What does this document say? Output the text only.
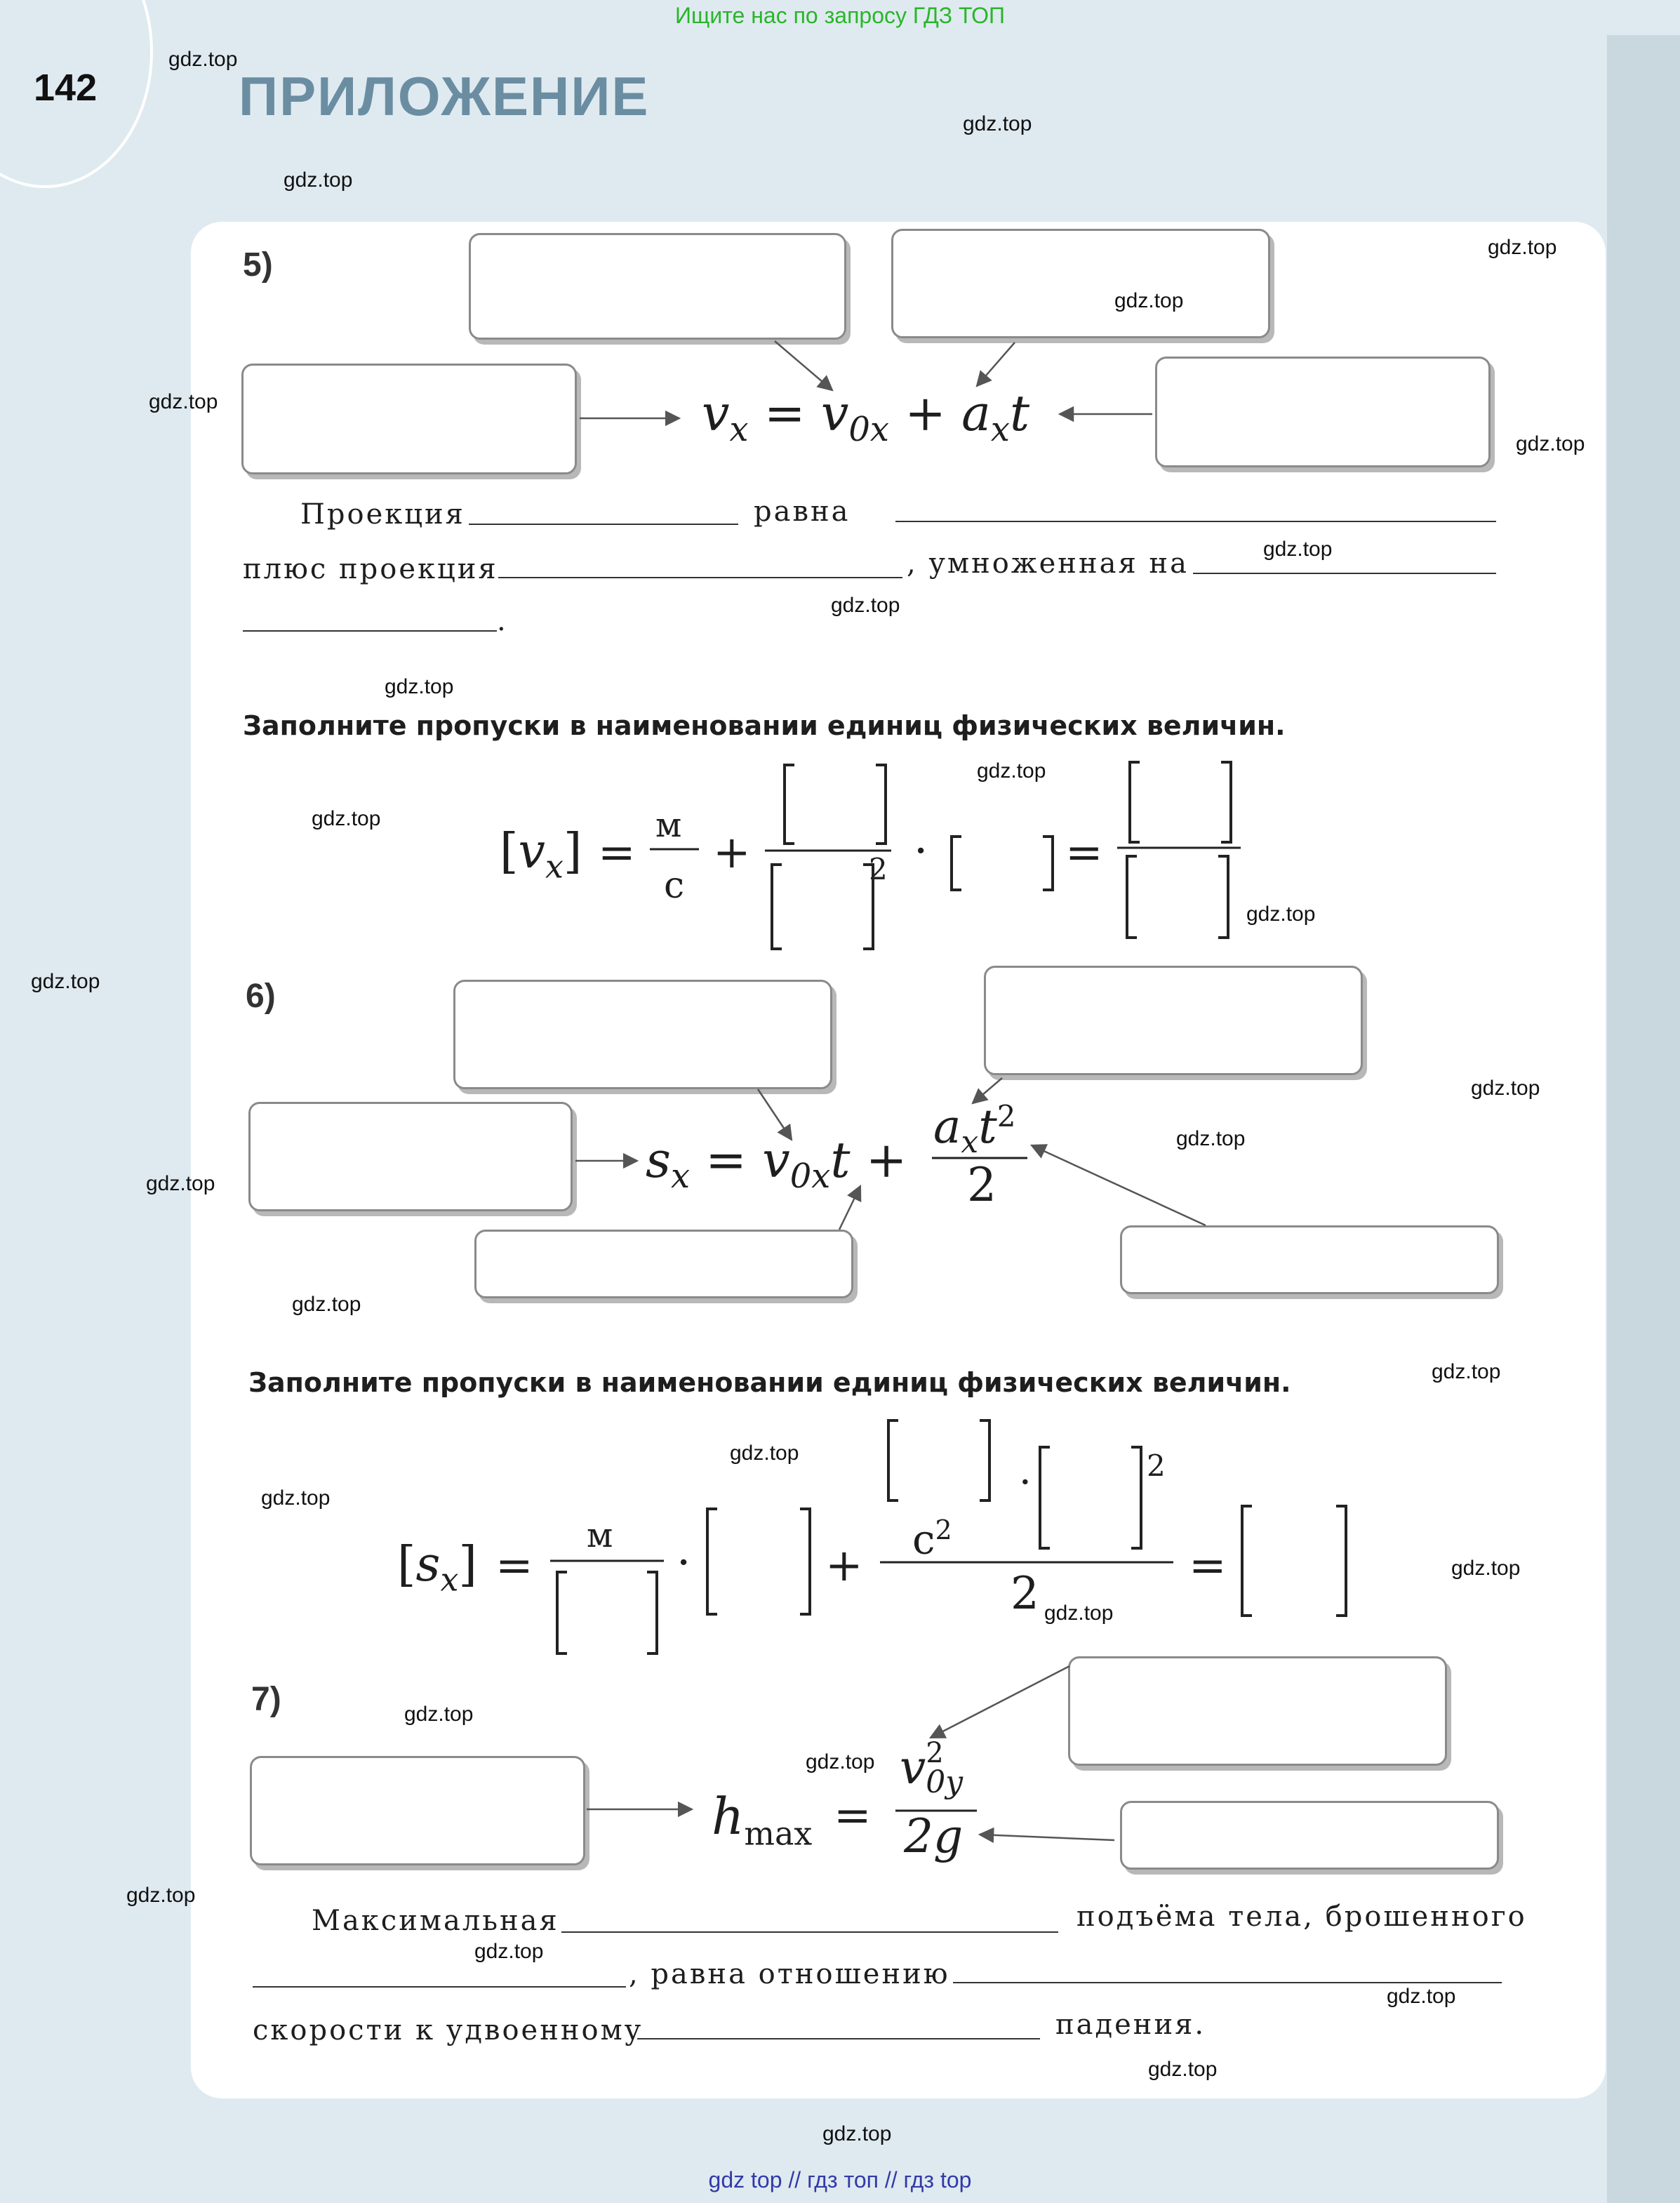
Ищите нас по запросу ГДЗ ТОП
gdz top // гдз топ // гдз top
142	ПРИЛОЖЕНИЕ
5)
$v_x = v_{0x} + a_xt$
Проекция	равна
плюс проекция	, умноженная на
.
Заполните пропуски в наименовании единиц физических величин.
$[v_x]$ =
м
с
+	2 ·	=
6)
$s_x = v_{0x}t$ +
$a_xt^2$
2
Заполните пропуски в наименовании единиц физических величин.
$[s_x]$ =
м
·	+
$c^2$
·	2
2
=
7)
$h_{max}$ =
v 2
0y
2g
Максимальная	подъёма тела, брошенного
, равна отношению
скорости к удвоенному	падения.
gdz.top
gdz.top
gdz.top
gdz.top
gdz.top
gdz.top
gdz.top
gdz.top
gdz.top
gdz.top
gdz.top
gdz.top
gdz.top
gdz.top
gdz.top
gdz.top
gdz.top
gdz.top
gdz.top
gdz.top
gdz.top
gdz.top
gdz.top
gdz.top
gdz.top
gdz.top
gdz.top
gdz.top
gdz.top
gdz.top
